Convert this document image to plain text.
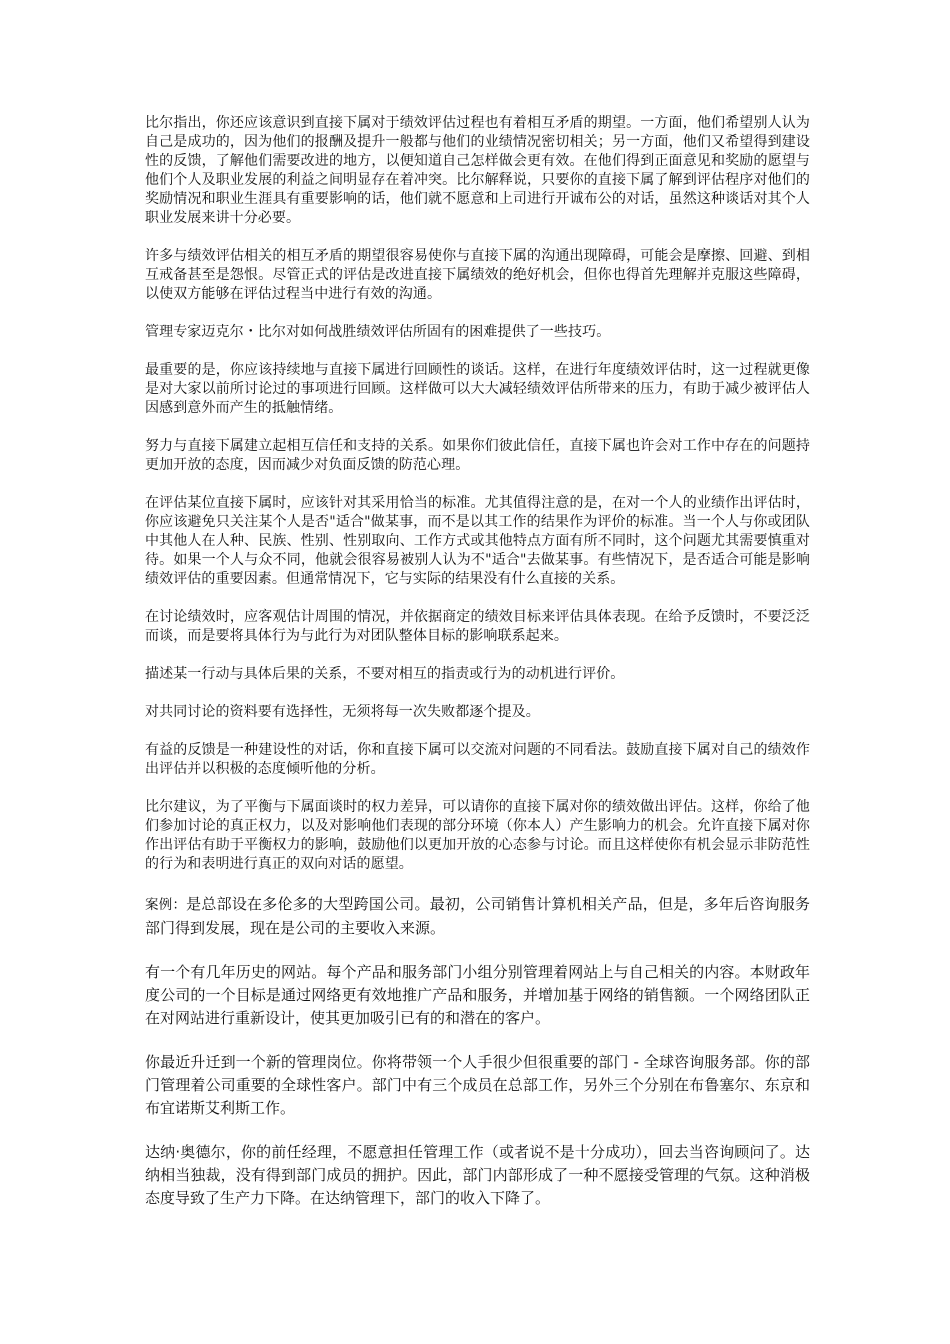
比尔指出，你还应该意识到直接下属对于绩效评估过程也有着相互矛盾的期望。一方面，他们希望别人认为自己是成功的，因为他们的报酬及提升一般都与他们的业绩情况密切相关；另一方面，他们又希望得到建设性的反馈，了解他们需要改进的地方，以便知道自己怎样做会更有效。在他们得到正面意见和奖励的愿望与他们个人及职业发展的利益之间明显存在着冲突。比尔解释说，只要你的直接下属了解到评估程序对他们的奖励情况和职业生涯具有重要影响的话，他们就不愿意和上司进行开诚布公的对话，虽然这种谈话对其个人职业发展来讲十分必要。

许多与绩效评估相关的相互矛盾的期望很容易使你与直接下属的沟通出现障碍，可能会是摩擦、回避、到相互戒备甚至是怨恨。尽管正式的评估是改进直接下属绩效的绝好机会，但你也得首先理解并克服这些障碍，以使双方能够在评估过程当中进行有效的沟通。

管理专家迈克尔・比尔对如何战胜绩效评估所固有的困难提供了一些技巧。

最重要的是，你应该持续地与直接下属进行回顾性的谈话。这样，在进行年度绩效评估时，这一过程就更像是对大家以前所讨论过的事项进行回顾。这样做可以大大减轻绩效评估所带来的压力，有助于减少被评估人因感到意外而产生的抵触情绪。

努力与直接下属建立起相互信任和支持的关系。如果你们彼此信任，直接下属也许会对工作中存在的问题持更加开放的态度，因而减少对负面反馈的防范心理。

在评估某位直接下属时，应该针对其采用恰当的标准。尤其值得注意的是，在对一个人的业绩作出评估时，你应该避免只关注某个人是否"适合"做某事，而不是以其工作的结果作为评价的标准。当一个人与你或团队中其他人在人种、民族、性别、性别取向、工作方式或其他特点方面有所不同时，这个问题尤其需要慎重对待。如果一个人与众不同，他就会很容易被别人认为不"适合"去做某事。有些情况下，是否适合可能是影响绩效评估的重要因素。但通常情况下，它与实际的结果没有什么直接的关系。

在讨论绩效时，应客观估计周围的情况，并依据商定的绩效目标来评估具体表现。在给予反馈时，不要泛泛而谈，而是要将具体行为与此行为对团队整体目标的影响联系起来。

描述某一行动与具体后果的关系，不要对相互的指责或行为的动机进行评价。

对共同讨论的资料要有选择性，无须将每一次失败都逐个提及。

有益的反馈是一种建设性的对话，你和直接下属可以交流对问题的不同看法。鼓励直接下属对自己的绩效作出评估并以积极的态度倾听他的分析。

比尔建议，为了平衡与下属面谈时的权力差异，可以请你的直接下属对你的绩效做出评估。这样，你给了他们参加讨论的真正权力，以及对影响他们表现的部分环境（你本人）产生影响力的机会。允许直接下属对你作出评估有助于平衡权力的影响，鼓励他们以更加开放的心态参与讨论。而且这样使你有机会显示非防范性的行为和表明进行真正的双向对话的愿望。

案例：是总部设在多伦多的大型跨国公司。最初，公司销售计算机相关产品，但是，多年后咨询服务部门得到发展，现在是公司的主要收入来源。

有一个有几年历史的网站。每个产品和服务部门小组分别管理着网站上与自己相关的内容。本财政年度公司的一个目标是通过网络更有效地推广产品和服务，并增加基于网络的销售额。一个网络团队正在对网站进行重新设计，使其更加吸引已有的和潜在的客户。

你最近升迁到一个新的管理岗位。你将带领一个人手很少但很重要的部门 - 全球咨询服务部。你的部门管理着公司重要的全球性客户。部门中有三个成员在总部工作，另外三个分别在布鲁塞尔、东京和布宜诺斯艾利斯工作。

达纳·奥德尔，你的前任经理，不愿意担任管理工作（或者说不是十分成功），回去当咨询顾问了。达纳相当独裁，没有得到部门成员的拥护。因此，部门内部形成了一种不愿接受管理的气氛。这种消极态度导致了生产力下降。在达纳管理下，部门的收入下降了。
